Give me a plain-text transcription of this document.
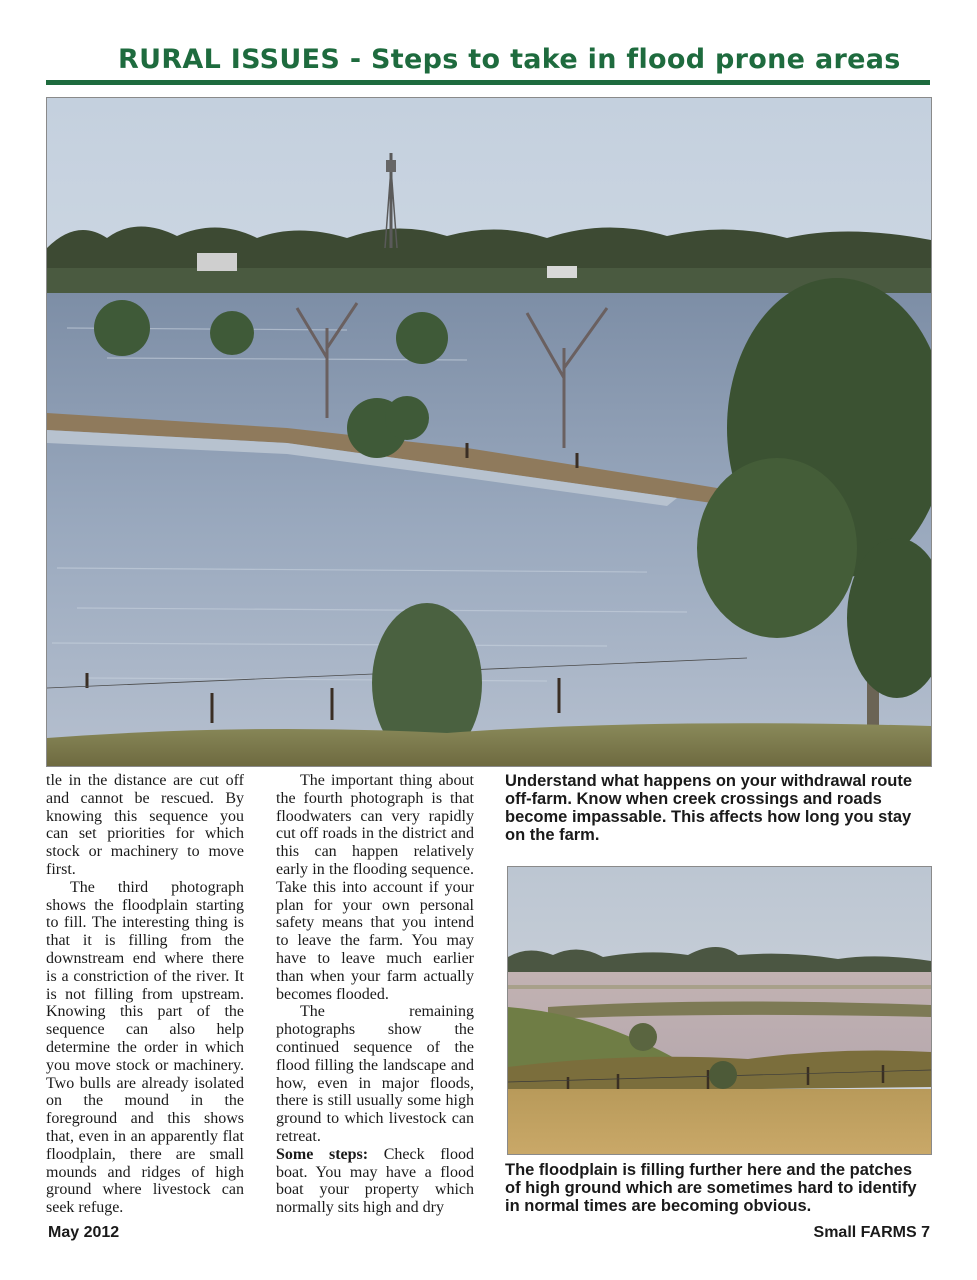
RURAL ISSUES - Steps to take in flood prone areas

tle in the distance are cut off and cannot be rescued. By knowing this sequence you can set priorities for which stock or machinery to move first.

The third photograph shows the floodplain starting to fill. The interesting thing is that it is filling from the downstream end where there is a constriction of the river. It is not filling from upstream. Knowing this part of the sequence can also help determine the order in which you move stock or machinery. Two bulls are already isolated on the mound in the foreground and this shows that, even in an apparently flat floodplain, there are small mounds and ridges of high ground where livestock can seek refuge.

The important thing about the fourth photograph is that floodwaters can very rapidly cut off roads in the district and this can happen relatively early in the flooding sequence. Take this into account if your plan for your own personal safety means that you intend to leave the farm. You may have to leave much earlier than when your farm actually becomes flooded.

The remaining photographs show the continued sequence of the flood filling the landscape and how, even in major floods, there is still usually some high ground to which livestock can retreat.

Some steps: Check flood boat. You may have a flood boat your property which normally sits high and dry

Understand what happens on your withdrawal route off-farm. Know when creek crossings and roads become impassable. This affects how long you stay on the farm.
The floodplain is filling further here and the patches of high ground which are sometimes hard to identify in normal times are becoming obvious.
May 2012	Small FARMS 7
